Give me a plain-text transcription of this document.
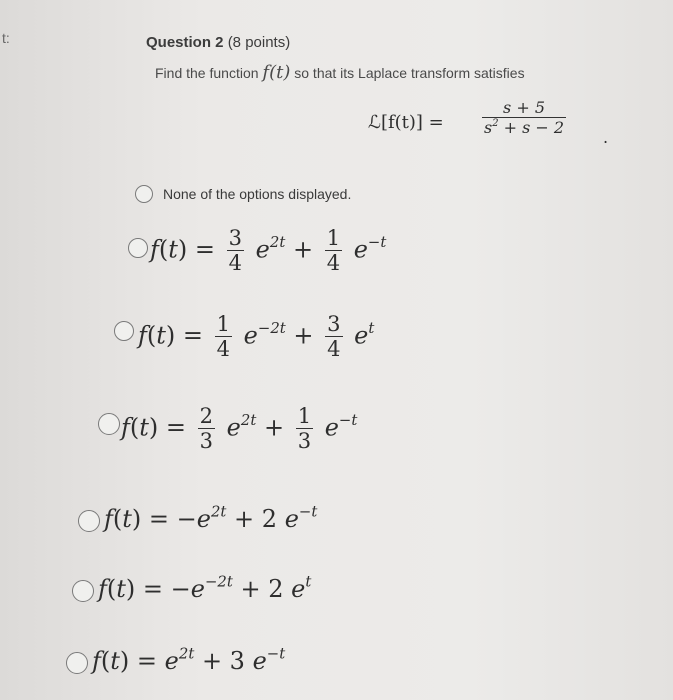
t:	Question 2 (8 points)
Find the function f(t) so that its Laplace transform satisfies
ℒ[f(t)] = $\frac{s + 5}{s^2 + s - 2}$
.
None of the options displayed.
$f(t) = \frac{3}{4} e^{2t} + \frac{1}{4} e^{-t}$
$f(t) = \frac{1}{4} e^{-2t} + \frac{3}{4} e^t$
$f(t) = \frac{2}{3} e^{2t} + \frac{1}{3} e^{-t}$
$f(t) = -e^{2t} + 2$ $e^{-t}$
$f(t) = -e^{-2t} + 2$ $e^t$
$f(t) = e^{2t} + 3$ $e^{-t}$
